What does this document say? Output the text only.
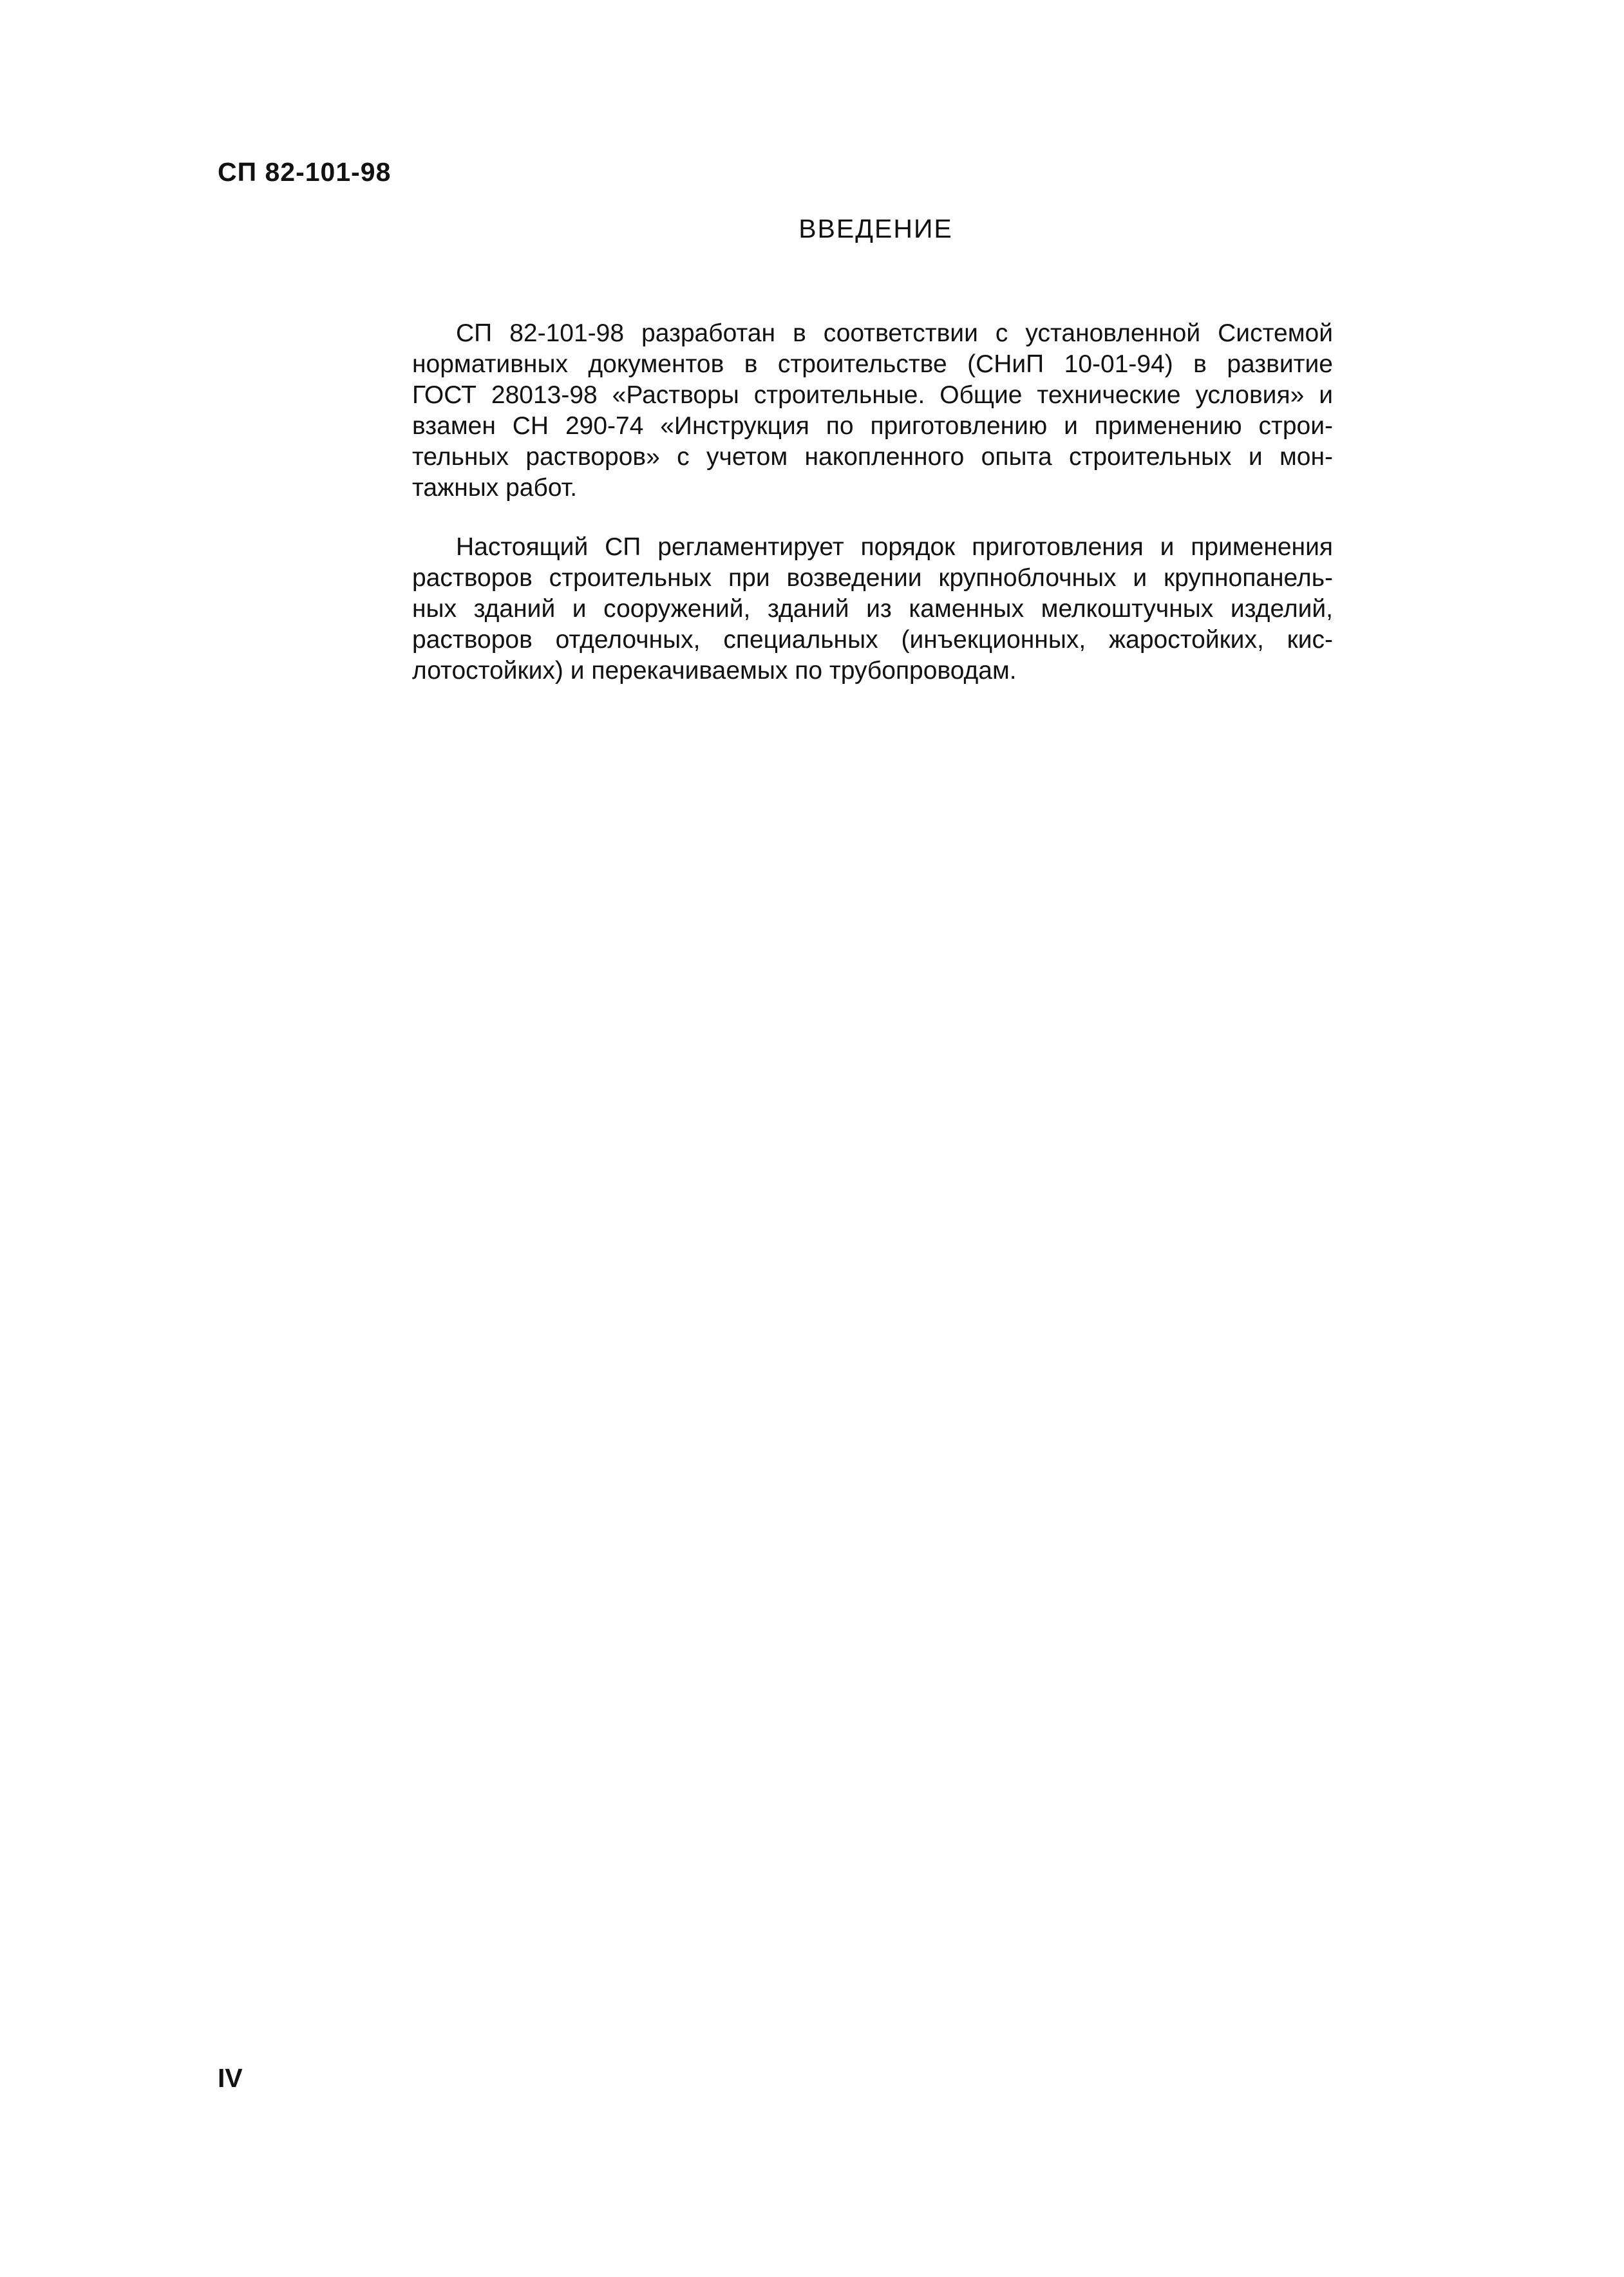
СП 82-101-98
ВВЕДЕНИЕ
СП 82-101-98 разработан в соответствии с установленной Системой
нормативных документов в строительстве (СНиП 10-01-94) в развитие
ГОСТ 28013-98 «Растворы строительные. Общие технические условия» и
взамен СН 290-74 «Инструкция по приготовлению и применению строи-
тельных растворов» с учетом накопленного опыта строительных и мон-
тажных работ.
Настоящий СП регламентирует порядок приготовления и применения
растворов строительных при возведении крупноблочных и крупнопанель-
ных зданий и сооружений, зданий из каменных мелкоштучных изделий,
растворов отделочных, специальных (инъекционных, жаростойких, кис-
лотостойких) и перекачиваемых по трубопроводам.
IV
